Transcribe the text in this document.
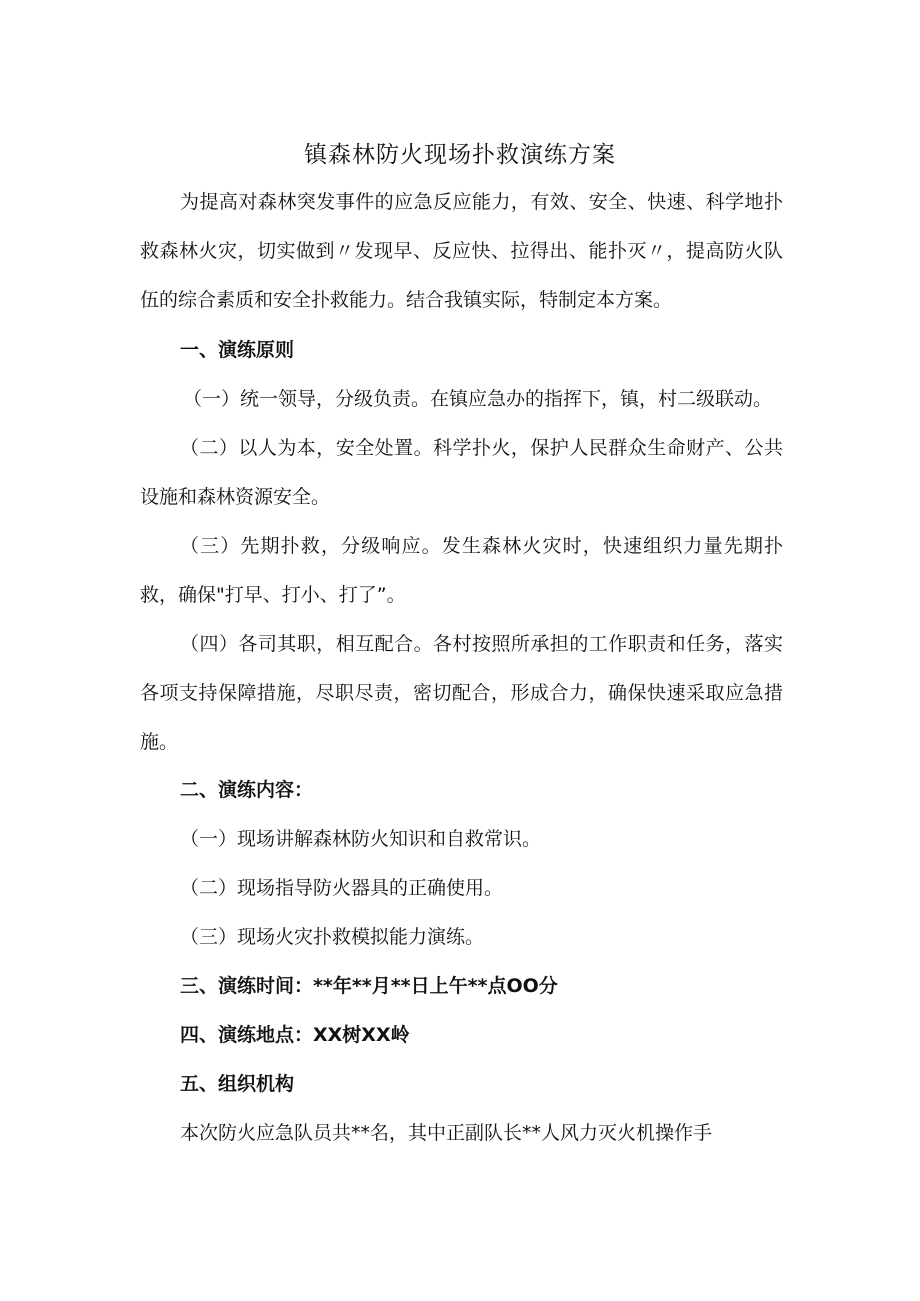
镇森林防火现场扑救演练方案

为提高对森林突发事件的应急反应能力，有效、安全、快速、科学地扑救森林火灾，切实做到〃发现早、反应快、拉得出、能扑灭〃，提高防火队伍的综合素质和安全扑救能力。结合我镇实际，特制定本方案。

一、演练原则

（一）统一领导，分级负责。在镇应急办的指挥下，镇，村二级联动。

（二）以人为本，安全处置。科学扑火，保护人民群众生命财产、公共设施和森林资源安全。

（三）先期扑救，分级响应。发生森林火灾时，快速组织力量先期扑救，确保"打早、打小、打了”。

（四）各司其职，相互配合。各村按照所承担的工作职责和任务，落实各项支持保障措施，尽职尽责，密切配合，形成合力，确保快速采取应急措施。

二、演练内容：
（一）现场讲解森林防火知识和自救常识。
（二）现场指导防火器具的正确使用。
（三）现场火灾扑救模拟能力演练。
三、演练时间：**年**月**日上午**点OO分
四、演练地点：XX树XX岭
五、组织机构
本次防火应急队员共**名，其中正副队长**人风力灭火机操作手
